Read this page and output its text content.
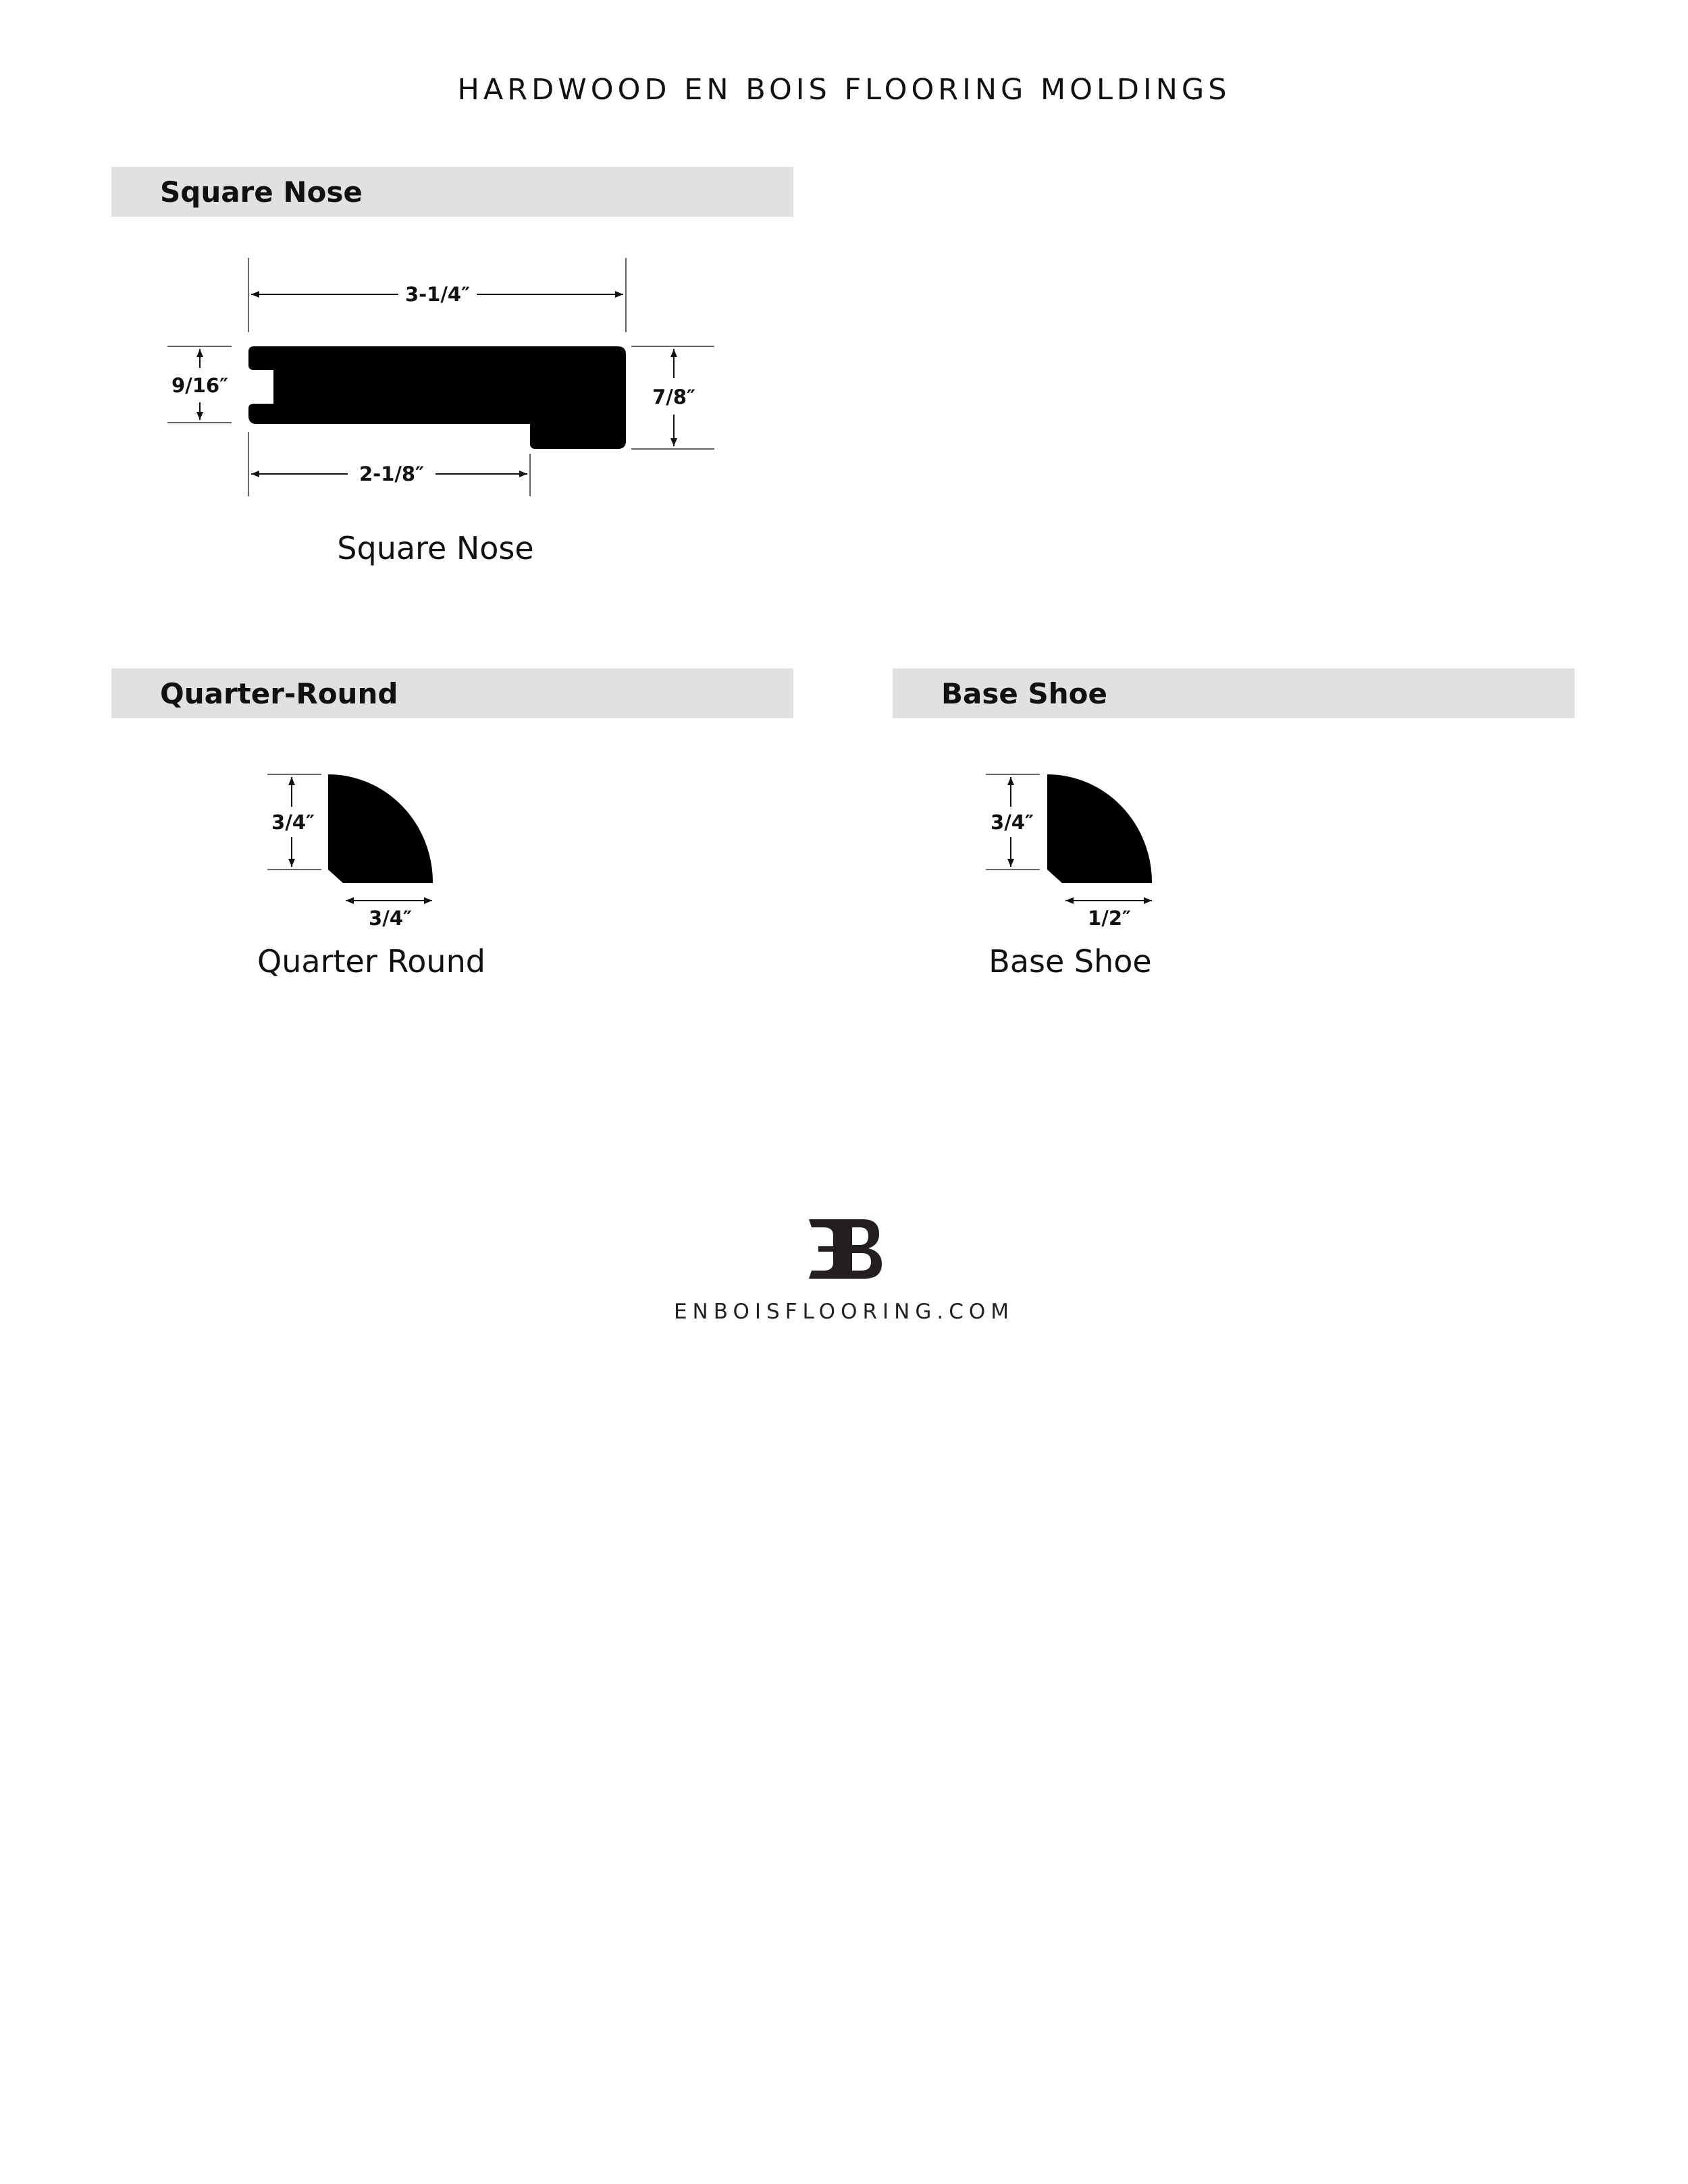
HARDWOOD EN BOIS FLOORING MOLDINGS
Square Nose
3-1/4″
9/16″	7/8″
2-1/8″

Square Nose

Quarter-Round
3/4″
3/4″

Quarter Round

Base Shoe
3/4″
1/2″

Base Shoe

ENBOISFLOORING.COM
